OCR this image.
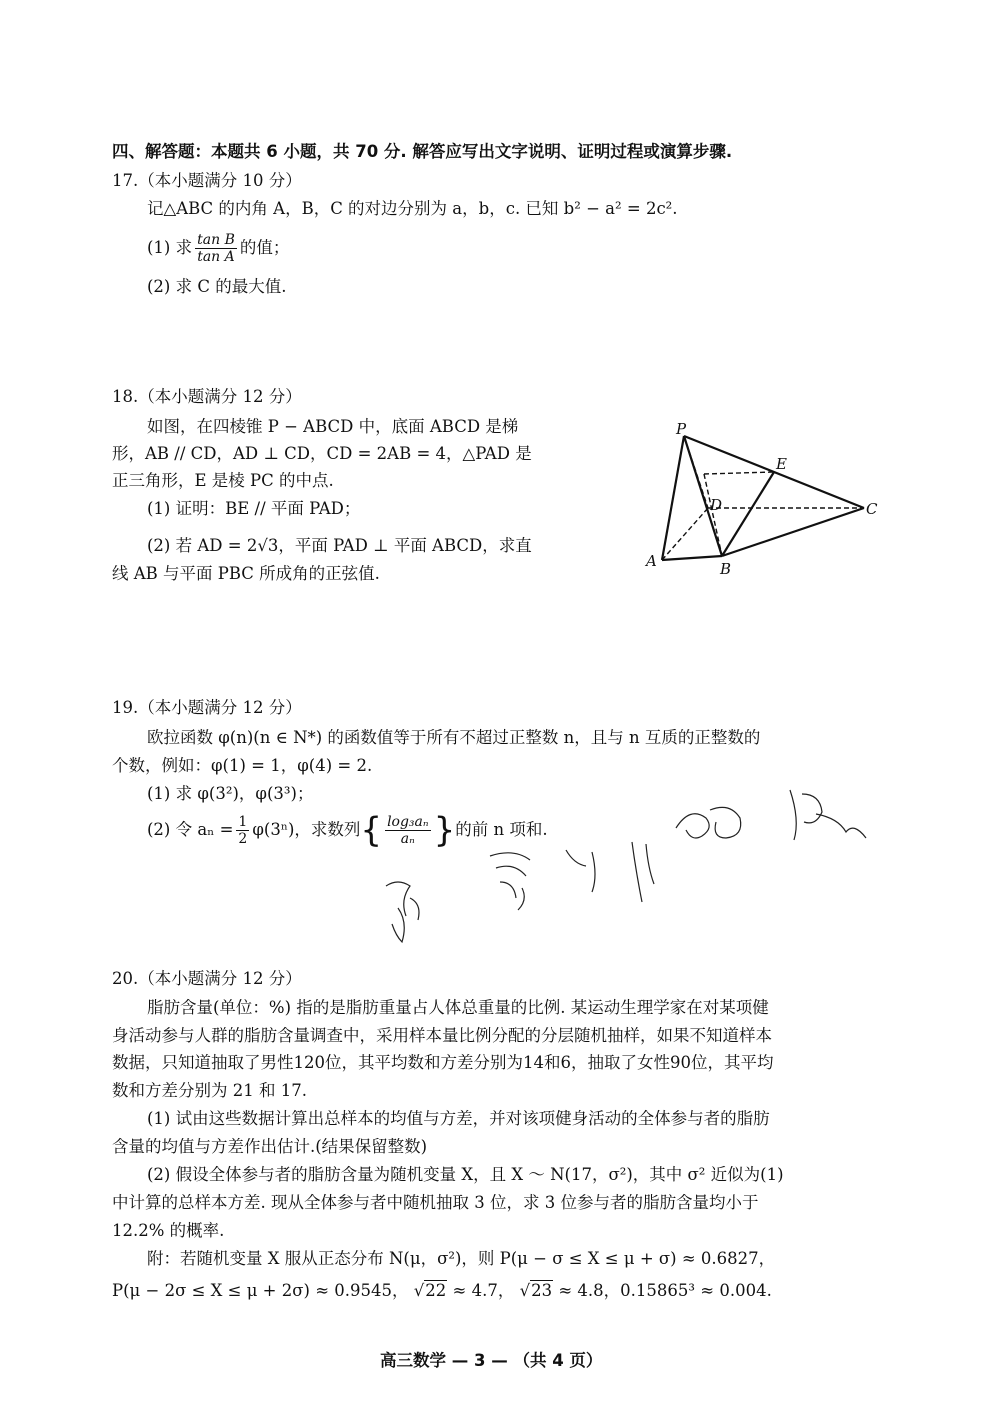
四、解答题：本题共 6 小题，共 70 分. 解答应写出文字说明、证明过程或演算步骤.
17.（本小题满分 10 分）
记△ABC 的内角 A，B，C 的对边分别为 a，b，c. 已知 b² − a² = 2c².
(1) 求 $\frac{\text{tan B}}{\text{tan A}}$ 的值；
(2) 求 C 的最大值.
18.（本小题满分 12 分）
如图，在四棱锥 P − ABCD 中，底面 ABCD 是梯
形，AB // CD，AD ⊥ CD，CD = 2AB = 4，△PAD 是
正三角形，E 是棱 PC 的中点.
(1) 证明：BE // 平面 PAD；
(2) 若 AD = 2√3，平面 PAD ⊥ 平面 ABCD，求直
线 AB 与平面 PBC 所成角的正弦值.
P
E
D	C
A	B
19.（本小题满分 12 分）
欧拉函数 φ(n)(n ∈ N*) 的函数值等于所有不超过正整数 n，且与 n 互质的正整数的
个数，例如：φ(1) = 1，φ(4) = 2.
(1) 求 φ(3²)，φ(3³)；
(2) 令 $a_n = \frac{1}{2} \varphi(3^n)$，求数列{ $\frac{\text{log₃aₙ}}{\text{aₙ}}$ }的前 n 项和.
20.（本小题满分 12 分）
脂肪含量(单位：%) 指的是脂肪重量占人体总重量的比例. 某运动生理学家在对某项健
身活动参与人群的脂肪含量调查中，采用样本量比例分配的分层随机抽样，如果不知道样本
数据，只知道抽取了男性120位，其平均数和方差分别为14和6，抽取了女性90位，其平均
数和方差分别为 21 和 17.
(1) 试由这些数据计算出总样本的均值与方差，并对该项健身活动的全体参与者的脂肪
含量的均值与方差作出估计.(结果保留整数)
(2) 假设全体参与者的脂肪含量为随机变量 X，且 X ～ N(17，σ²)，其中 σ² 近似为(1)
中计算的总样本方差. 现从全体参与者中随机抽取 3 位，求 3 位参与者的脂肪含量均小于
12.2% 的概率.
附：若随机变量 X 服从正态分布 N(μ，σ²)，则 P(μ − σ ≤ X ≤ μ + σ) ≈ 0.6827，
P(μ − 2σ ≤ X ≤ μ + 2σ) ≈ 0.9545， √22 ≈ 4.7， √23 ≈ 4.8，0.15865³ ≈ 0.004.
高三数学 — 3 — （共 4 页）
